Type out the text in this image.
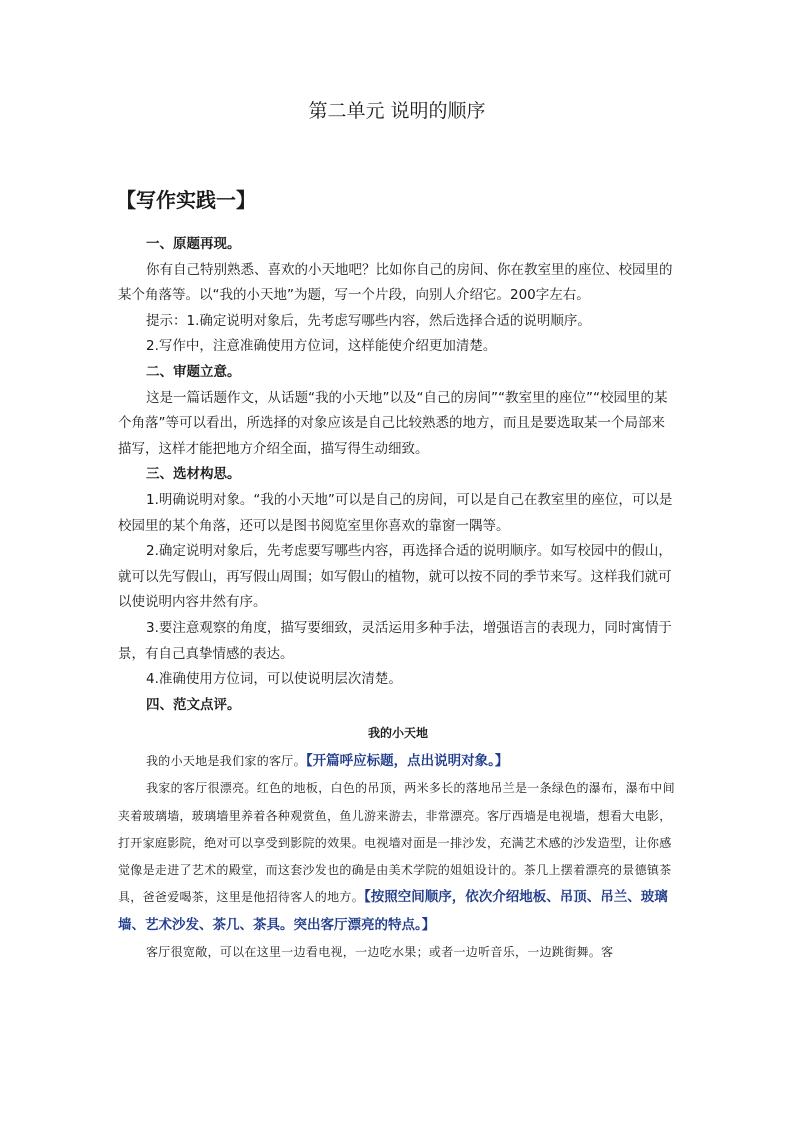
第二单元 说明的顺序
【写作实践一】

一、原题再现。

你有自己特别熟悉、喜欢的小天地吧？比如你自己的房间、你在教室里的座位、校园里的某个角落等。以“我的小天地”为题，写一个片段，向别人介绍它。200字左右。

提示：1.确定说明对象后，先考虑写哪些内容，然后选择合适的说明顺序。

2.写作中，注意准确使用方位词，这样能使介绍更加清楚。

二、审题立意。

这是一篇话题作文，从话题“我的小天地”以及“自己的房间”“教室里的座位”“校园里的某个角落”等可以看出，所选择的对象应该是自己比较熟悉的地方，而且是要选取某一个局部来描写，这样才能把地方介绍全面，描写得生动细致。

三、选材构思。

1.明确说明对象。“我的小天地”可以是自己的房间，可以是自己在教室里的座位，可以是校园里的某个角落，还可以是图书阅览室里你喜欢的靠窗一隅等。

2.确定说明对象后，先考虑要写哪些内容，再选择合适的说明顺序。如写校园中的假山，就可以先写假山，再写假山周围；如写假山的植物，就可以按不同的季节来写。这样我们就可以使说明内容井然有序。

3.要注意观察的角度，描写要细致，灵活运用多种手法，增强语言的表现力，同时寓情于景，有自己真挚情感的表达。

4.准确使用方位词，可以使说明层次清楚。

四、范文点评。

我的小天地

我的小天地是我们家的客厅。【开篇呼应标题，点出说明对象。】

我家的客厅很漂亮。红色的地板，白色的吊顶，两米多长的落地吊兰是一条绿色的瀑布，瀑布中间夹着玻璃墙，玻璃墙里养着各种观赏鱼，鱼儿游来游去，非常漂亮。客厅西墙是电视墙，想看大电影，打开家庭影院，绝对可以享受到影院的效果。电视墙对面是一排沙发，充满艺术感的沙发造型，让你感觉像是走进了艺术的殿堂，而这套沙发也的确是由美术学院的姐姐设计的。茶几上摆着漂亮的景德镇茶具，爸爸爱喝茶，这里是他招待客人的地方。【按照空间顺序，依次介绍地板、吊顶、吊兰、玻璃墙、艺术沙发、茶几、茶具。突出客厅漂亮的特点。】

客厅很宽敞，可以在这里一边看电视，一边吃水果；或者一边听音乐，一边跳街舞。客
